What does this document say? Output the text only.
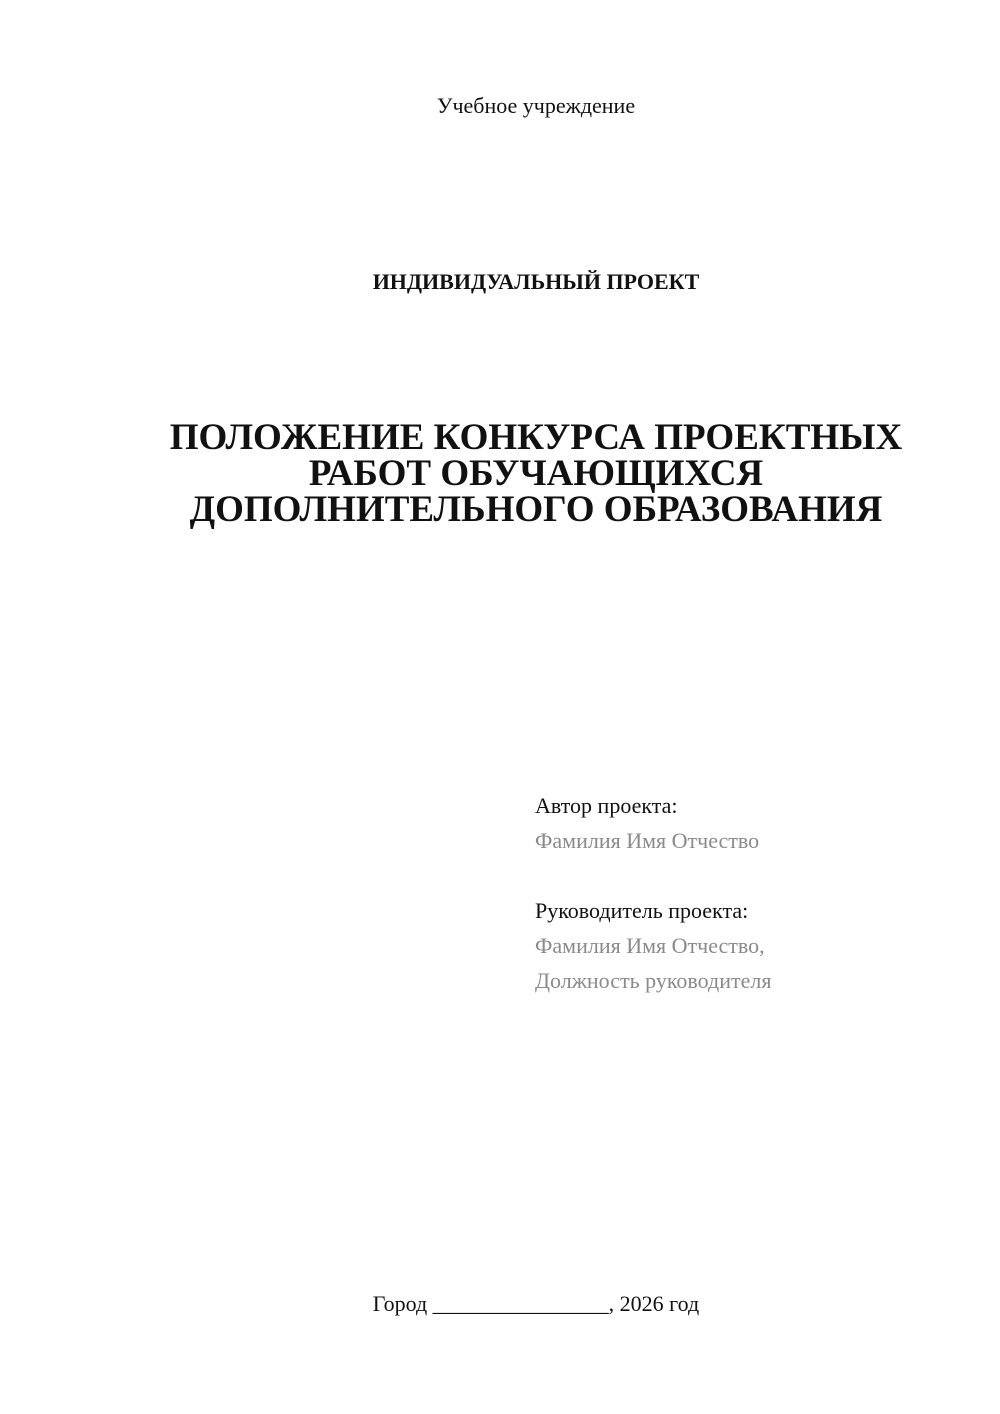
Учебное учреждение
ИНДИВИДУАЛЬНЫЙ ПРОЕКТ
ПОЛОЖЕНИЕ КОНКУРСА ПРОЕКТНЫХ
РАБОТ ОБУЧАЮЩИХСЯ
ДОПОЛНИТЕЛЬНОГО ОБРАЗОВАНИЯ
Автор проекта:
Фамилия Имя Отчество
Руководитель проекта:
Фамилия Имя Отчество,
Должность руководителя
Город ________________, 2026 год
